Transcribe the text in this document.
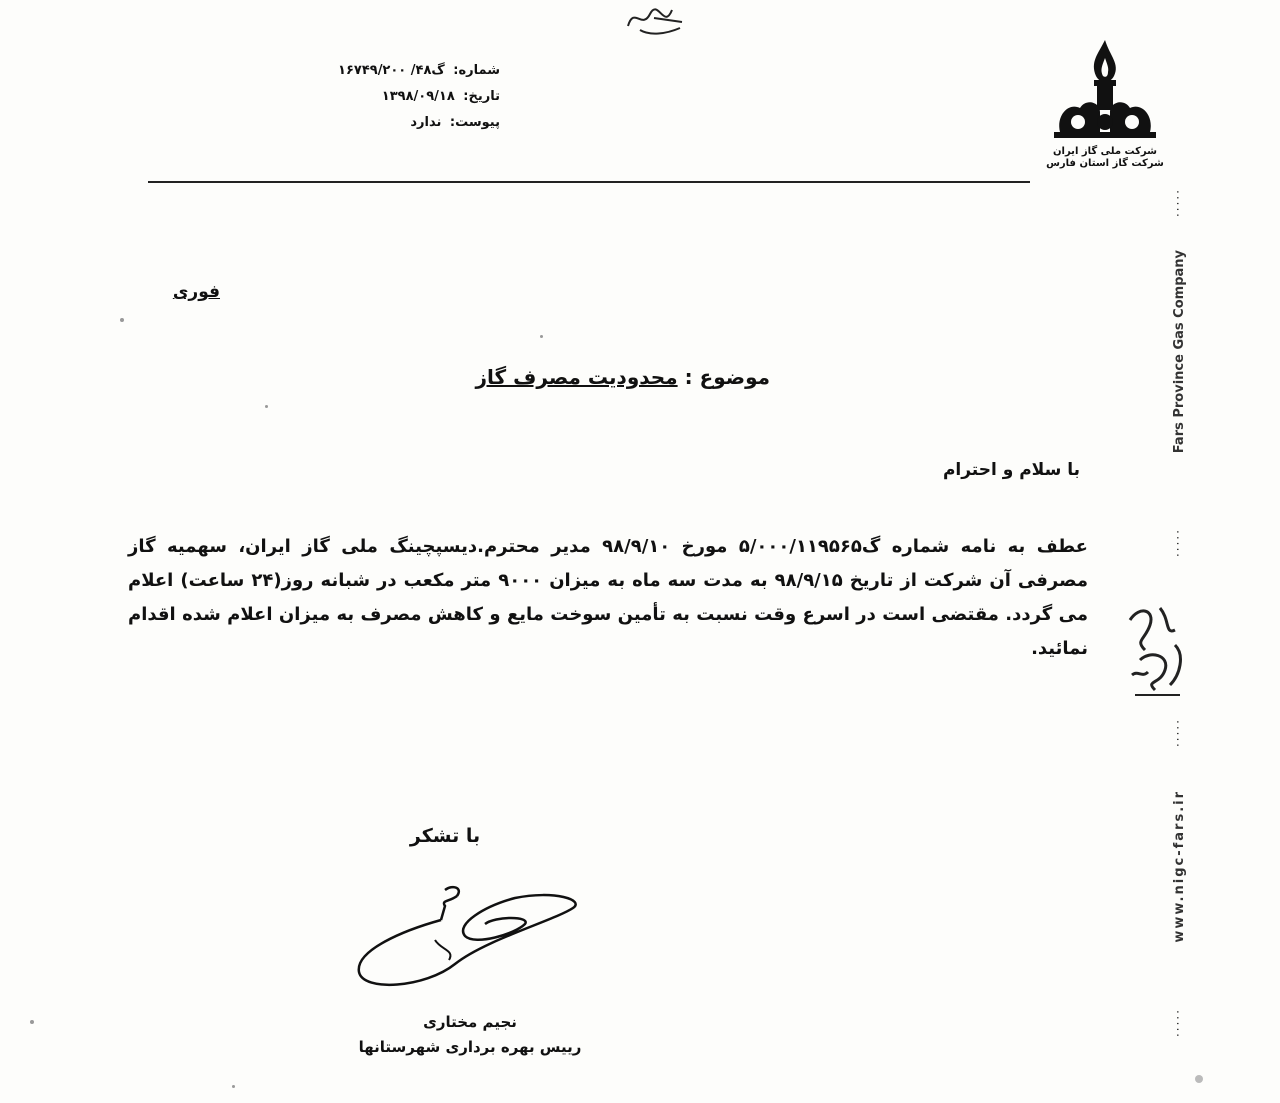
شماره: گ۴۸/ ۱۶۷۴۹/۲۰۰
تاریخ: ۱۳۹۸/۰۹/۱۸
پیوست: ندارد
شرکت ملی گاز ایران
شرکت گاز استان فارس
.....
Fars Province Gas Company
.....
.....
www.nigc-fars.ir
.....
فوری
موضوع : محدودیت مصرف گاز
با سلام و احترام
عطف به نامه شماره گ۵/۰۰۰/۱۱۹۵۶۵ مورخ ۹۸/۹/۱۰ مدیر محترم.دیسپچینگ ملی گاز ایران، سهمیه گاز مصرفی آن شرکت از تاریخ ۹۸/۹/۱۵ به مدت سه ماه به میزان ۹۰۰۰ متر مکعب در شبانه روز(۲۴ ساعت) اعلام می گردد. مقتضی است در اسرع وقت نسبت به تأمین سوخت مایع و کاهش مصرف به میزان اعلام شده اقدام نمائید.
با تشکر
نجیم مختاری
رییس بهره برداری شهرستانها
